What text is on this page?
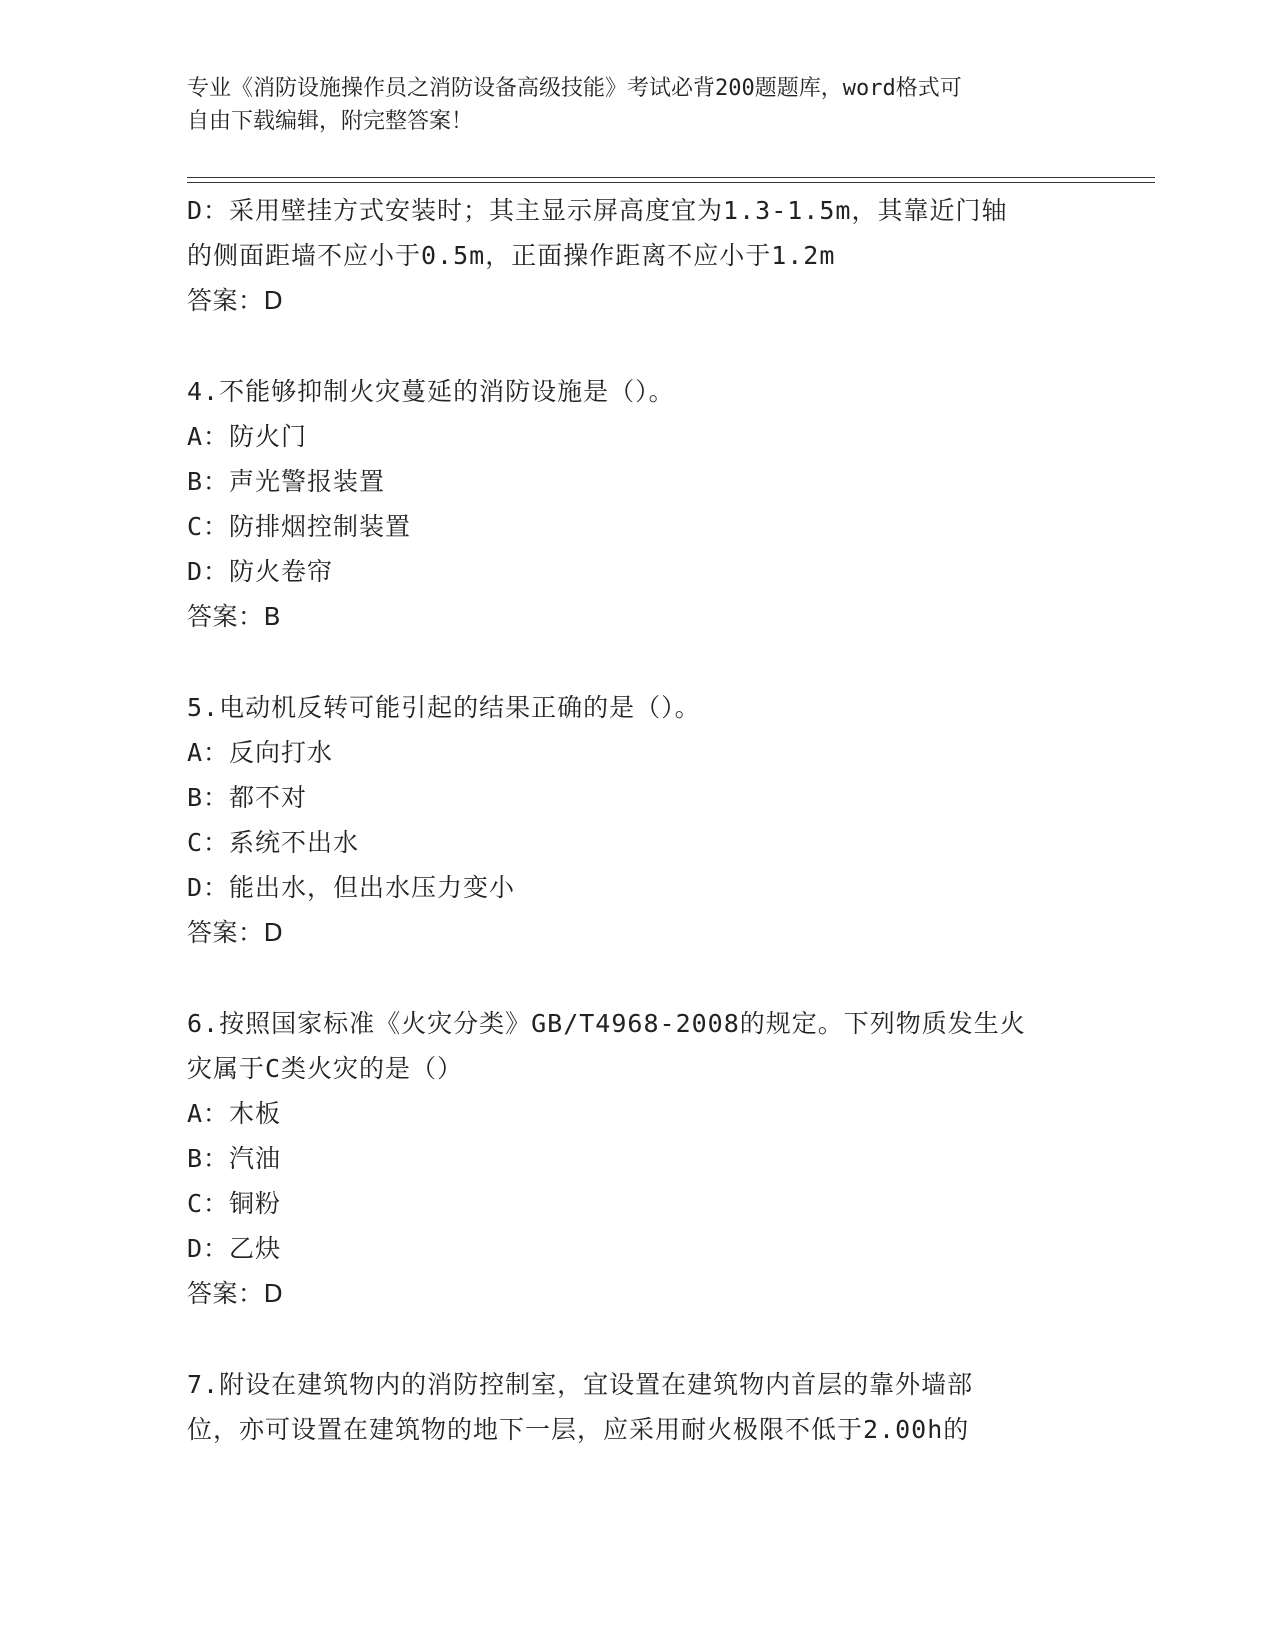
专业《消防设施操作员之消防设备高级技能》考试必背200题题库，word格式可
自由下载编辑，附完整答案！
D：采用壁挂方式安装时；其主显示屏高度宜为1.3-1.5m，其靠近门轴
的侧面距墙不应小于0.5m，正面操作距离不应小于1.2m
答案：D
4.不能够抑制火灾蔓延的消防设施是（）。
A：防火门
B：声光警报装置
C：防排烟控制装置
D：防火卷帘
答案：B
5.电动机反转可能引起的结果正确的是（）。
A：反向打水
B：都不对
C：系统不出水
D：能出水，但出水压力变小
答案：D
6.按照国家标准《火灾分类》GB/T4968-2008的规定。下列物质发生火
灾属于C类火灾的是（）
A：木板
B：汽油
C：铜粉
D：乙炔
答案：D
7.附设在建筑物内的消防控制室，宜设置在建筑物内首层的靠外墙部
位，亦可设置在建筑物的地下一层，应采用耐火极限不低于2.00h的
